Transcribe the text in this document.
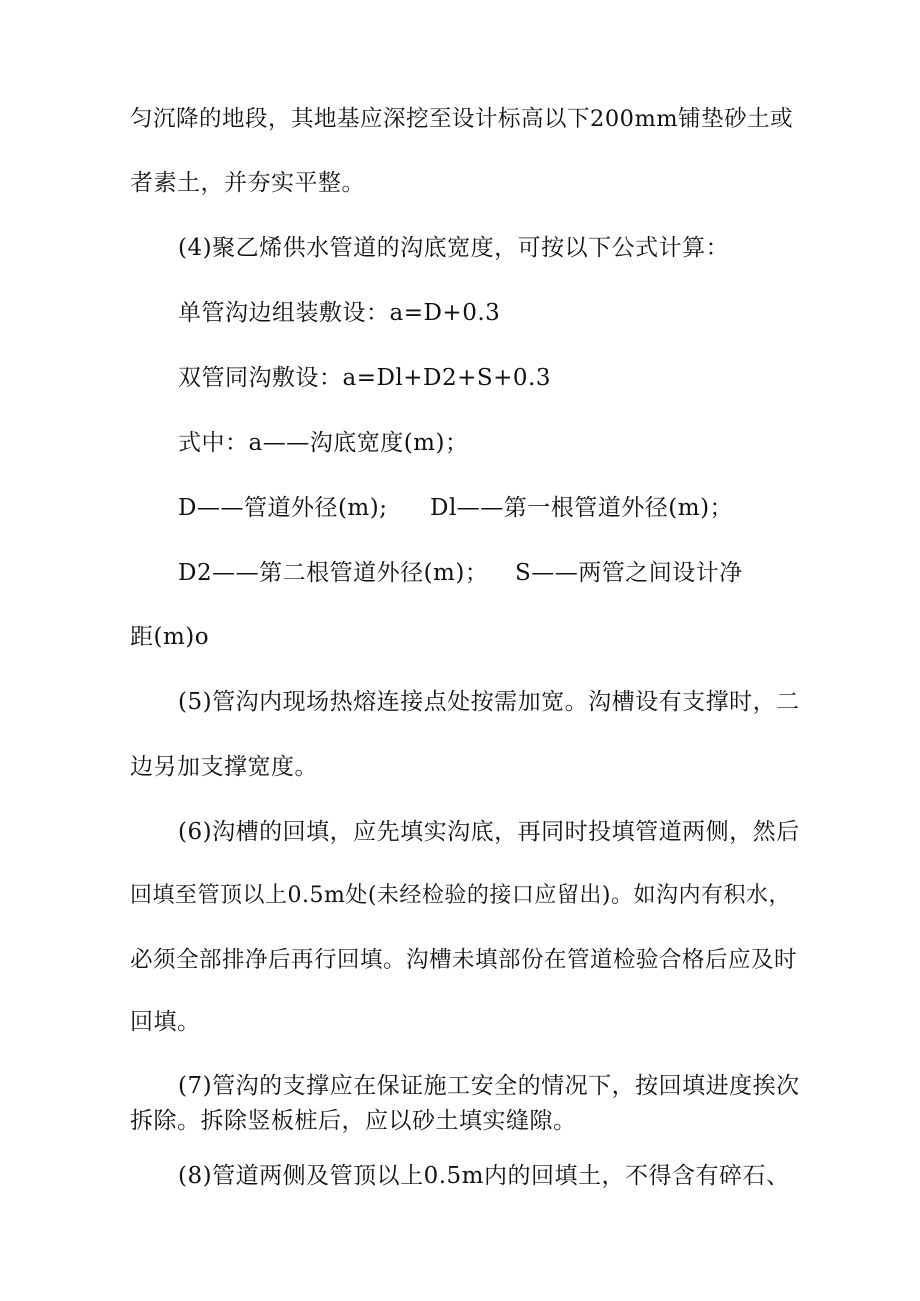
匀沉降的地段，其地基应深挖至设计标高以下200mm铺垫砂土或
者素土，并夯实平整。
(4)聚乙烯供水管道的沟底宽度，可按以下公式计算：
单管沟边组装敷设：a=D+0.3
双管同沟敷设：a=Dl+D2+S+0.3
式中：a——沟底宽度(m)；
D——管道外径(m); Dl——第一根管道外径(m)；
D2——第二根管道外径(m)； S——两管之间设计净
距(m)o
(5)管沟内现场热熔连接点处按需加宽。沟槽设有支撑时，二
边另加支撑宽度。
(6)沟槽的回填，应先填实沟底，再同时投填管道两侧，然后
回填至管顶以上0.5m处(未经检验的接口应留出)。如沟内有积水，
必须全部排净后再行回填。沟槽未填部份在管道检验合格后应及时
回填。
(7)管沟的支撑应在保证施工安全的情况下，按回填进度挨次
拆除。拆除竖板桩后，应以砂土填实缝隙。
(8)管道两侧及管顶以上0.5m内的回填土，不得含有碎石、
